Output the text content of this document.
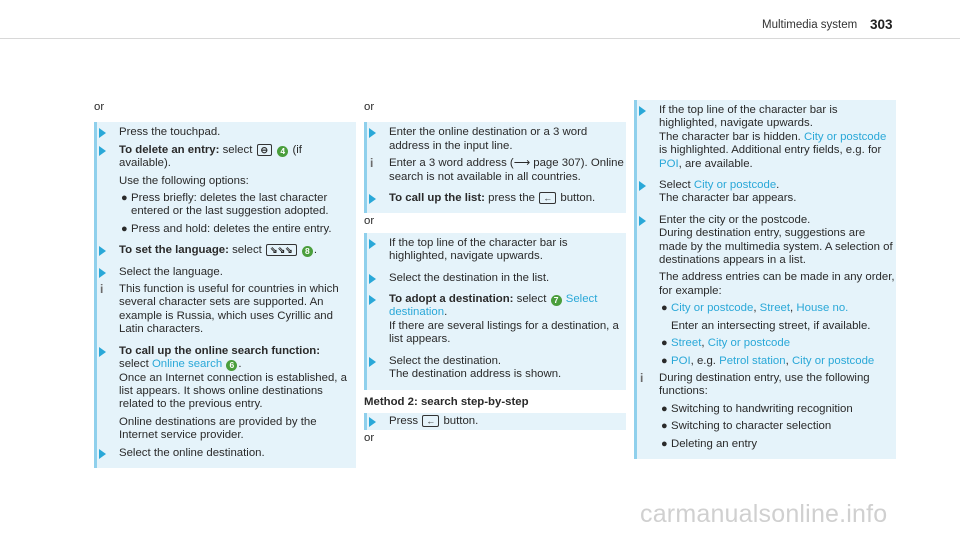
Multimedia system 303

or

Press the touchpad.
To delete an entry: select ⊖ 4 (if available).

Use the following options:

● Press briefly: deletes the last character entered or the last suggestion adopted.
● Press and hold: deletes the entire entry.
To set the language: select ⇘⇘⇘ 8 .
Select the language.
i This function is useful for countries in which several character sets are supported. An example is Russia, which uses Cyrillic and Latin characters.
To call up the online search function:
select Online search 6 .
Once an Internet connection is established, a list appears. It shows online destinations related to the previous entry.

Online destinations are provided by the Internet service provider.

Select the online destination.

or

Enter the online destination or a 3 word address in the input line.
i Enter a 3 word address (⟶ page 307). Online search is not available in all countries.
To call up the list: press the ← button.

or

If the top line of the character bar is highlighted, navigate upwards.
Select the destination in the list.
To adopt a destination: select 7 Select destination.
If there are several listings for a destination, a list appears.
Select the destination.
The destination address is shown.

Method 2: search step-by-step

Press ← button.

or

If the top line of the character bar is highlighted, navigate upwards.
The character bar is hidden. City or postcode is highlighted. Additional entry fields, e.g. for POI, are available.
Select City or postcode.
The character bar appears.
Enter the city or the postcode.
During destination entry, suggestions are made by the multimedia system. A selection of destinations appears in a list.

The address entries can be made in any order, for example:

● City or postcode, Street, House no.

Enter an intersecting street, if available.

● Street, City or postcode
● POI, e.g. Petrol station, City or postcode
i During destination entry, use the following functions:
● Switching to handwriting recognition
● Switching to character selection
● Deleting an entry
carmanualsonline.info
